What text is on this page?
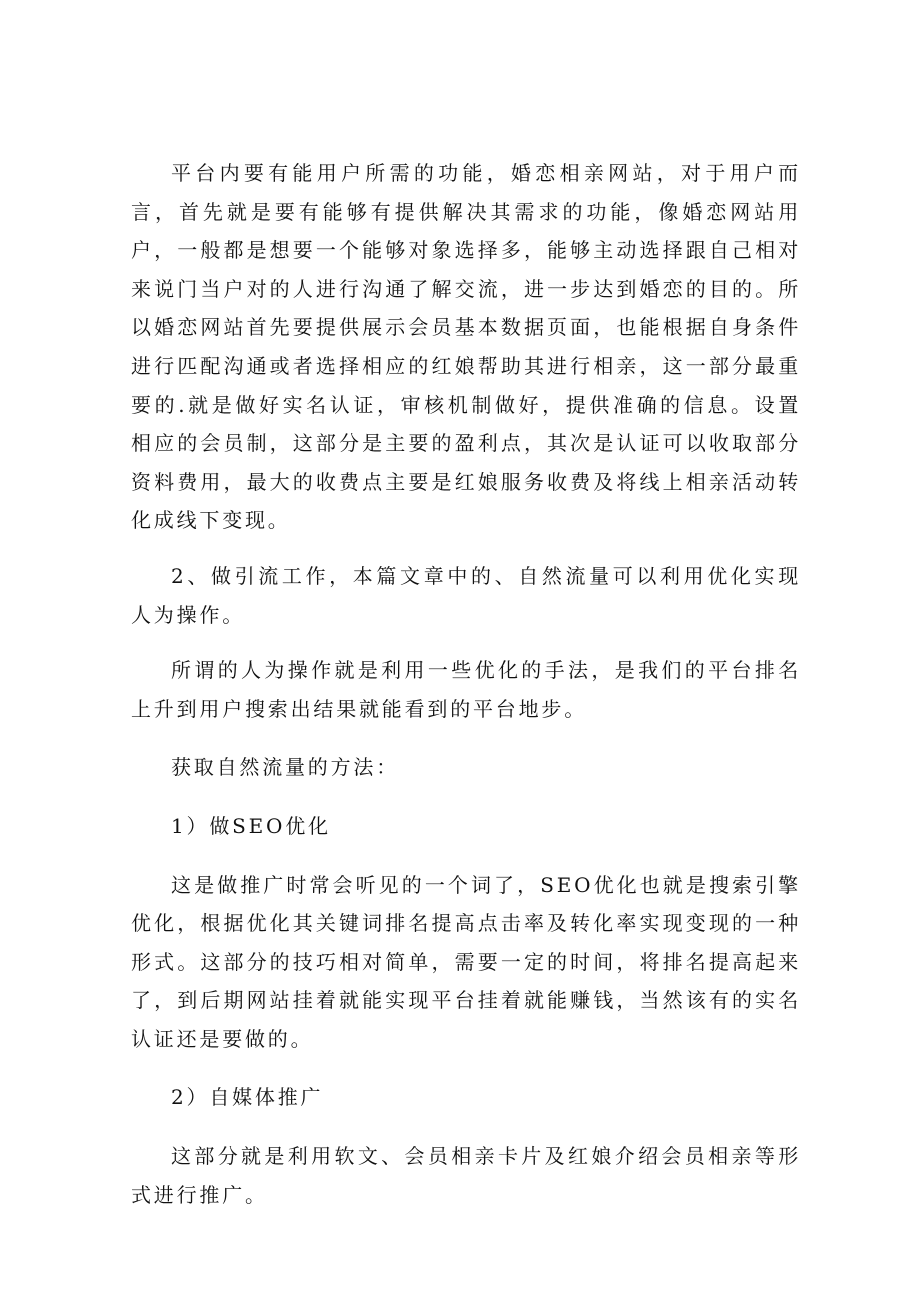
平台内要有能用户所需的功能，婚恋相亲网站，对于用户而言，首先就是要有能够有提供解决其需求的功能，像婚恋网站用户，一般都是想要一个能够对象选择多，能够主动选择跟自己相对来说门当户对的人进行沟通了解交流，进一步达到婚恋的目的。所以婚恋网站首先要提供展示会员基本数据页面，也能根据自身条件进行匹配沟通或者选择相应的红娘帮助其进行相亲，这一部分最重要的.就是做好实名认证，审核机制做好，提供准确的信息。设置相应的会员制，这部分是主要的盈利点，其次是认证可以收取部分资料费用，最大的收费点主要是红娘服务收费及将线上相亲活动转化成线下变现。

2、做引流工作，本篇文章中的、自然流量可以利用优化实现人为操作。

所谓的人为操作就是利用一些优化的手法，是我们的平台排名上升到用户搜索出结果就能看到的平台地步。

获取自然流量的方法：

1）做SEO优化

这是做推广时常会听见的一个词了，SEO优化也就是搜索引擎优化，根据优化其关键词排名提高点击率及转化率实现变现的一种形式。这部分的技巧相对简单，需要一定的时间，将排名提高起来了，到后期网站挂着就能实现平台挂着就能赚钱，当然该有的实名认证还是要做的。

2）自媒体推广

这部分就是利用软文、会员相亲卡片及红娘介绍会员相亲等形式进行推广。
